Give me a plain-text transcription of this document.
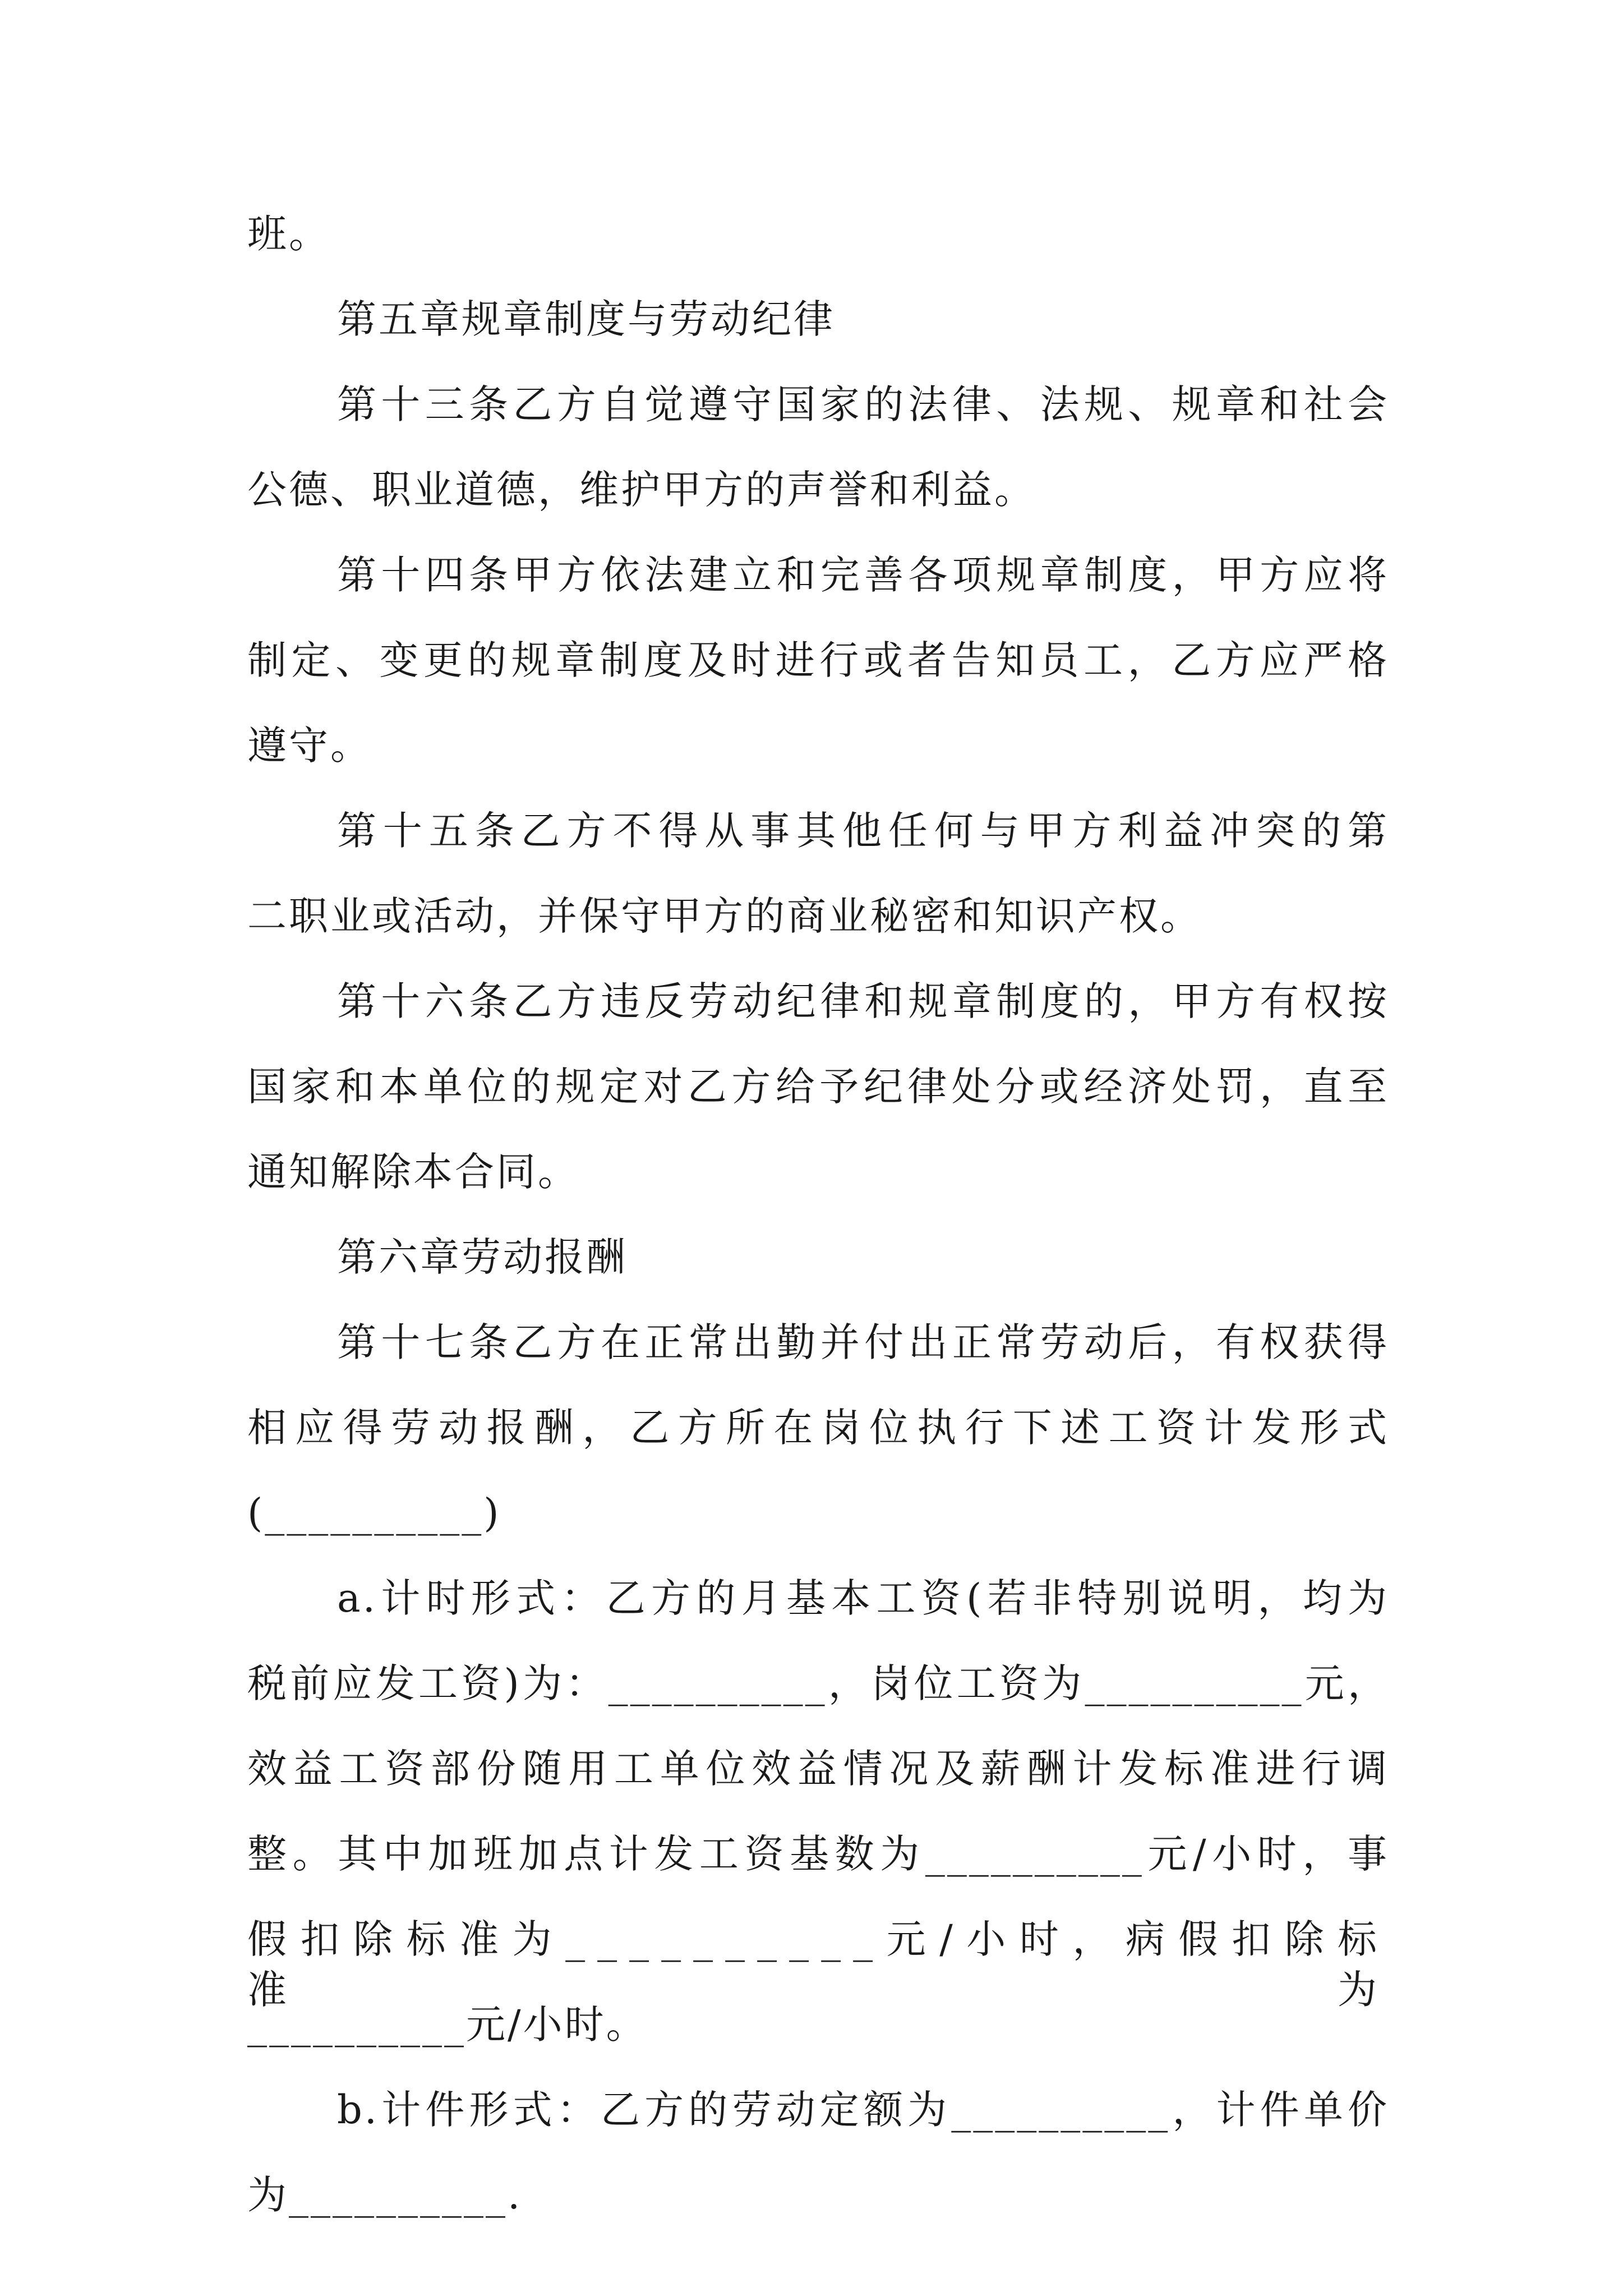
班。

第五章规章制度与劳动纪律

第十三条乙方自觉遵守国家的法律、法规、规章和社会

公德、职业道德，维护甲方的声誉和利益。

第十四条甲方依法建立和完善各项规章制度，甲方应将

制定、变更的规章制度及时进行或者告知员工，乙方应严格

遵守。

第十五条乙方不得从事其他任何与甲方利益冲突的第

二职业或活动，并保守甲方的商业秘密和知识产权。

第十六条乙方违反劳动纪律和规章制度的，甲方有权按

国家和本单位的规定对乙方给予纪律处分或经济处罚，直至

通知解除本合同。

第六章劳动报酬

第十七条乙方在正常出勤并付出正常劳动后，有权获得

相应得劳动报酬，乙方所在岗位执行下述工资计发形式

(__________)

a.计时形式：乙方的月基本工资(若非特别说明，均为

税前应发工资)为：__________，岗位工资为__________元，

效益工资部份随用工单位效益情况及薪酬计发标准进行调

整。其中加班加点计发工资基数为__________元/小时，事

假扣除标准为__________元/小时，病假扣除标准为

__________元/小时。

b.计件形式：乙方的劳动定额为__________，计件单价

为__________.
